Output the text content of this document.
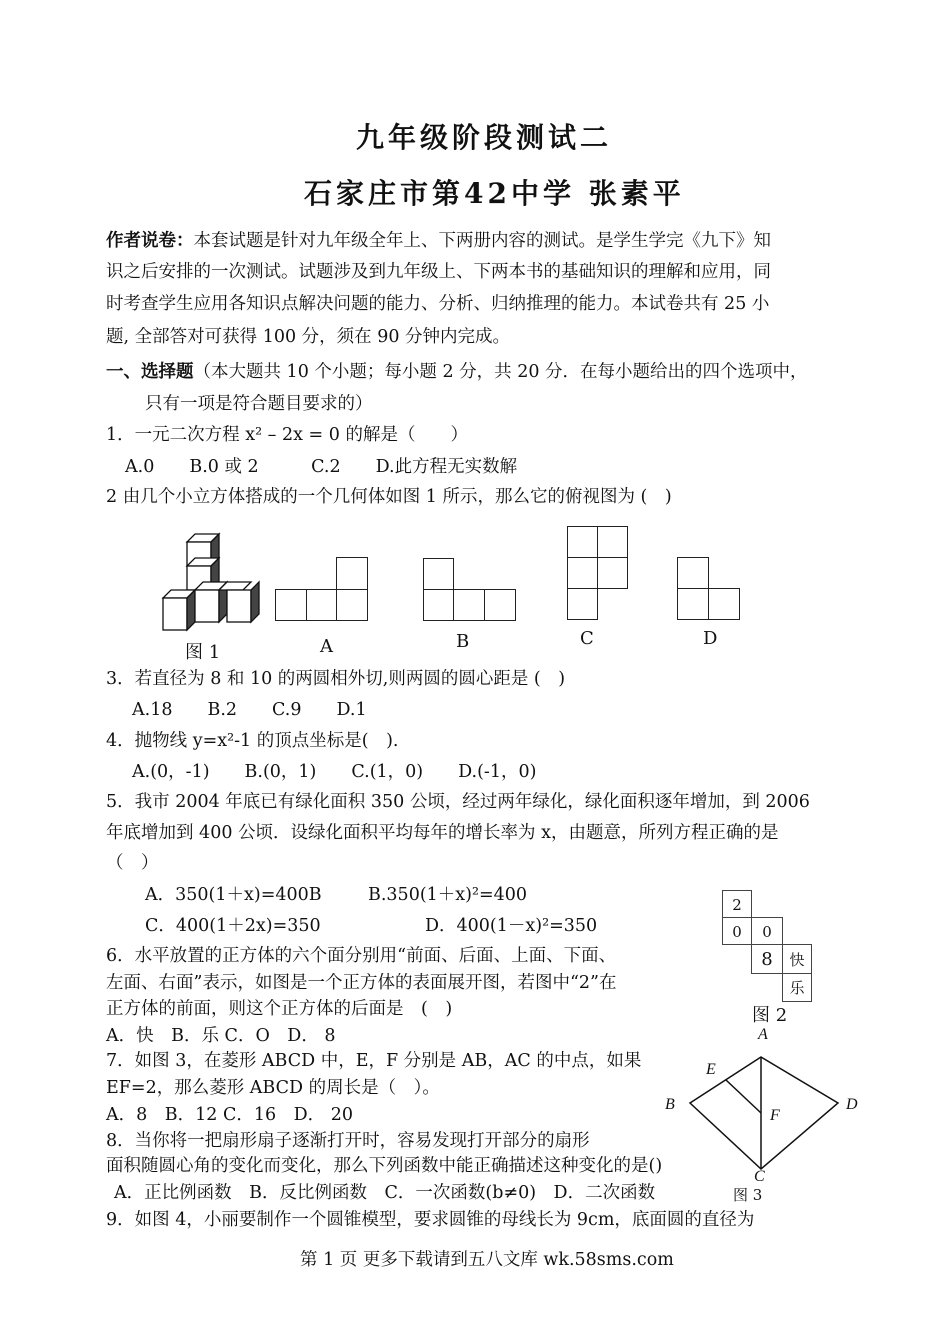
九年级阶段测试二
石家庄市第42中学 张素平
作者说卷：本套试题是针对九年级全年上、下两册内容的测试。是学生学完《九下》知
识之后安排的一次测试。试题涉及到九年级上、下两本书的基础知识的理解和应用，同
时考查学生应用各知识点解决问题的能力、分析、归纳推理的能力。本试卷共有 25 小
题, 全部答对可获得 100 分，须在 90 分钟内完成。
一、选择题（本大题共 10 个小题；每小题 2 分，共 20 分．在每小题给出的四个选项中，
只有一项是符合题目要求的）
1．一元二次方程 x² – 2x = 0 的解是（　　）
A.0　　B.0 或 2　　　C.2　　D.此方程无实数解
2 由几个小立方体搭成的一个几何体如图 1 所示，那么它的俯视图为 (　)
图 1	A	B	C	D
3．若直径为 8 和 10 的两圆相外切,则两圆的圆心距是 (　)
A.18　　B.2　　C.9　　D.1
4．抛物线 y=x²-1 的顶点坐标是(　).
A.(0，-1)　　B.(0，1)　　C.(1，0)　　D.(-1，0)
5．我市 2004 年底已有绿化面积 350 公顷，经过两年绿化，绿化面积逐年增加，到 2006
年底增加到 400 公顷．设绿化面积平均每年的增长率为 x，由题意，所列方程正确的是
（　）
A．350(1＋x)=400B	B.350(1＋x)²=400
C．400(1＋2x)=350	D．400(1－x)²=350
2
0	0
8	快
乐
图 2
6．水平放置的正方体的六个面分别用“前面、后面、上面、下面、
左面、右面”表示，如图是一个正方体的表面展开图，若图中“2”在
正方体的前面，则这个正方体的后面是　(　)
A．快　B．乐 C．O　D． 8
7．如图 3，在菱形 ABCD 中，E，F 分别是 AB，AC 的中点，如果
EF=2，那么菱形 ABCD 的周长是（　）。
A．8　B．12 C．16　D． 20
A
B
C
D
E
F
图 3
8．当你将一把扇形扇子逐渐打开时，容易发现打开部分的扇形
面积随圆心角的变化而变化，那么下列函数中能正确描述这种变化的是()
A．正比例函数　B．反比例函数　C．一次函数(b≠0)　D．二次函数
9．如图 4，小丽要制作一个圆锥模型，要求圆锥的母线长为 9cm，底面圆的直径为
第 1 页 更多下载请到五八文库 wk.58sms.com
